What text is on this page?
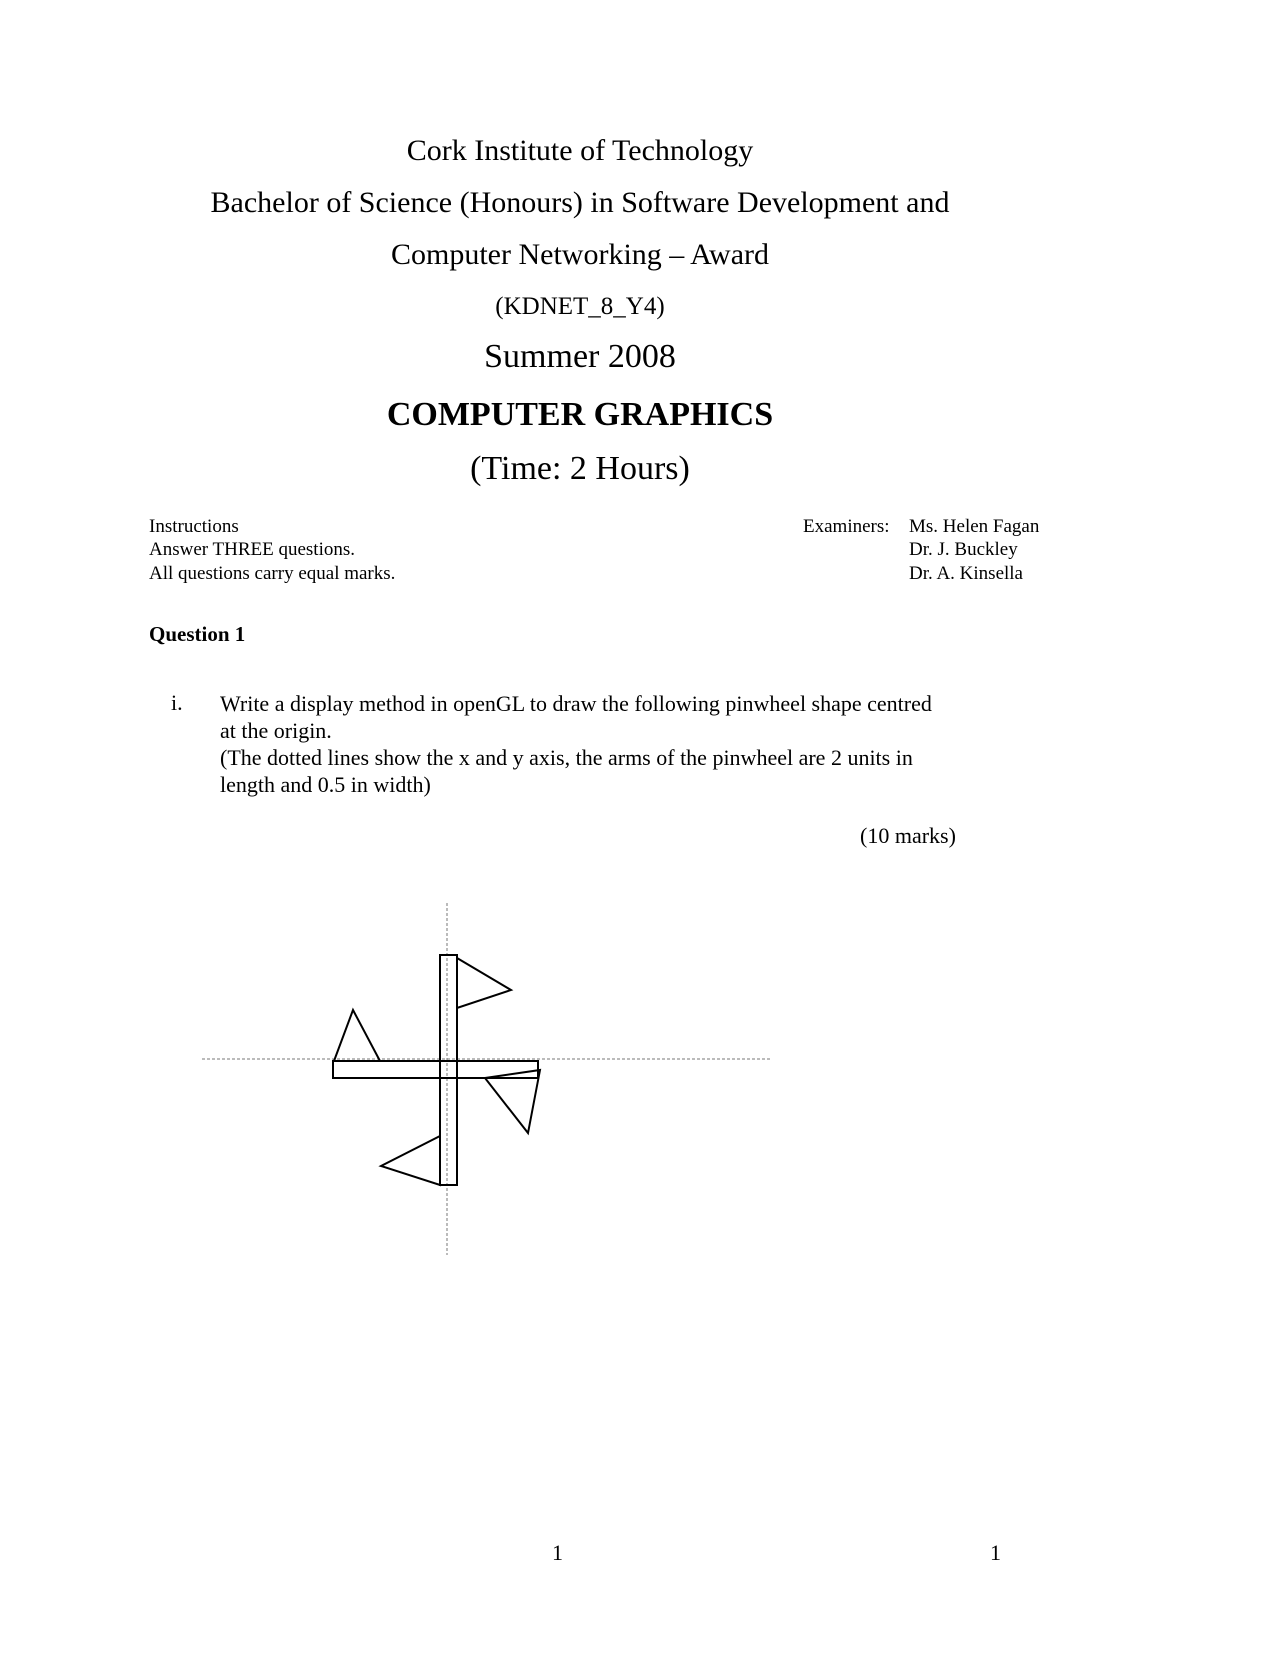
Cork Institute of Technology
Bachelor of Science (Honours) in Software Development and
Computer Networking – Award
(KDNET_8_Y4)
Summer 2008
COMPUTER GRAPHICS
(Time: 2 Hours)
Instructions
Answer THREE questions.
All questions carry equal marks.
Examiners: Ms. Helen Fagan
Dr. J. Buckley
Dr. A. Kinsella
Question 1
i. Write a display method in openGL to draw the following pinwheel shape centred
at the origin.
(The dotted lines show the x and y axis, the arms of the pinwheel are 2 units in
length and 0.5 in width)
(10 marks)
1	1
